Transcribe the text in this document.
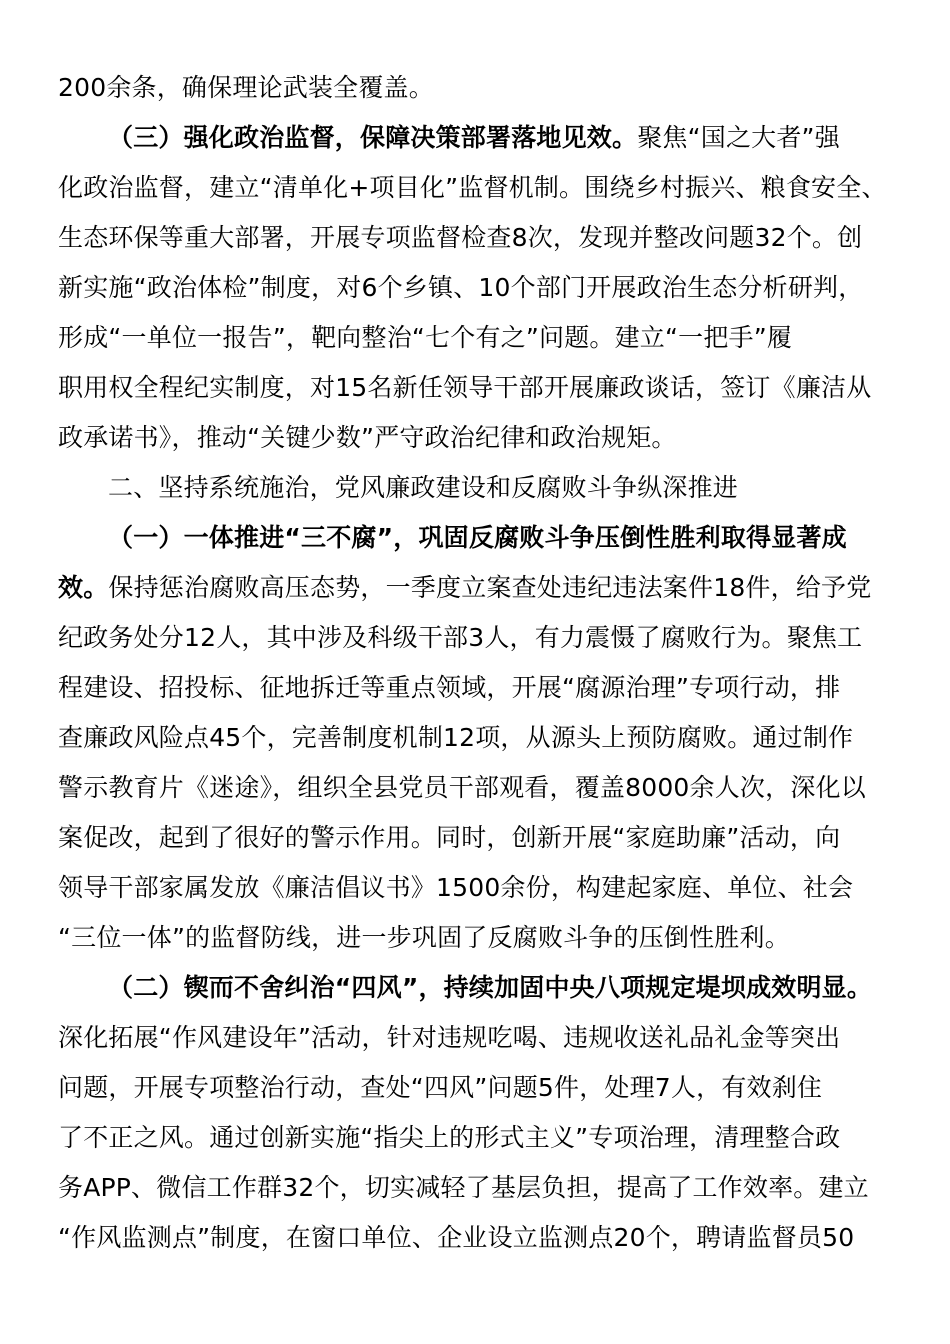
200余条，确保理论武装全覆盖。
（三）强化政治监督，保障决策部署落地见效。聚焦“国之大者”强
化政治监督，建立“清单化+项目化”监督机制。围绕乡村振兴、粮食安全、
生态环保等重大部署，开展专项监督检查8次，发现并整改问题32个。创
新实施“政治体检”制度，对6个乡镇、10个部门开展政治生态分析研判，
形成“一单位一报告”，靶向整治“七个有之”问题。建立“一把手”履
职用权全程纪实制度，对15名新任领导干部开展廉政谈话，签订《廉洁从
政承诺书》，推动“关键少数”严守政治纪律和政治规矩。
二、坚持系统施治，党风廉政建设和反腐败斗争纵深推进
（一）一体推进“三不腐”，巩固反腐败斗争压倒性胜利取得显著成
效。保持惩治腐败高压态势，一季度立案查处违纪违法案件18件，给予党
纪政务处分12人，其中涉及科级干部3人，有力震慑了腐败行为。聚焦工
程建设、招投标、征地拆迁等重点领域，开展“腐源治理”专项行动，排
查廉政风险点45个，完善制度机制12项，从源头上预防腐败。通过制作
警示教育片《迷途》，组织全县党员干部观看，覆盖8000余人次，深化以
案促改，起到了很好的警示作用。同时，创新开展“家庭助廉”活动，向
领导干部家属发放《廉洁倡议书》1500余份，构建起家庭、单位、社会
“三位一体”的监督防线，进一步巩固了反腐败斗争的压倒性胜利。
（二）锲而不舍纠治“四风”，持续加固中央八项规定堤坝成效明显。
深化拓展“作风建设年”活动，针对违规吃喝、违规收送礼品礼金等突出
问题，开展专项整治行动，查处“四风”问题5件，处理7人，有效刹住
了不正之风。通过创新实施“指尖上的形式主义”专项治理，清理整合政
务APP、微信工作群32个，切实减轻了基层负担，提高了工作效率。建立
“作风监测点”制度，在窗口单位、企业设立监测点20个，聘请监督员50
